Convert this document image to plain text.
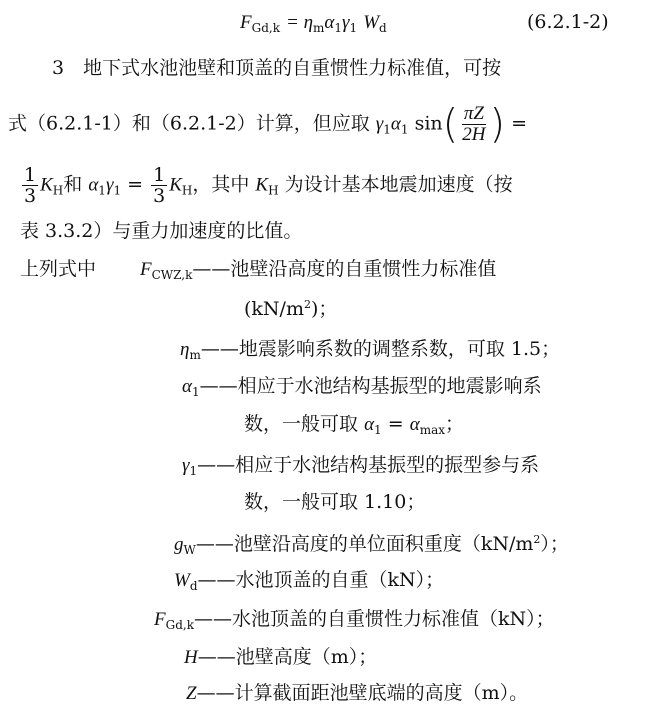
$F_{Gd,k} = \eta_m\alpha_1\gamma_1$ $W_d$	(6.2.1-2)
3　地下式水池池壁和顶盖的自重惯性力标准值，可按
式（6.2.1-1）和（6.2.1-2）计算，但应取 $\gamma_1\alpha_1$ $\sin( \frac{\pi Z}{2H}$ ) =
$\frac{1}{3} K_H$和 $\alpha_1\gamma_1 = \frac{1}{3} K_H$，其中 $K_H$ 为设计基本地震加速度（按
表 3.3.2）与重力加速度的比值。
上列式中 $F_{CWZ,k}——$池壁沿高度的自重惯性力标准值
$(kN/m^2)$；
$\eta_m——$地震影响系数的调整系数，可取 1.5；
$\alpha_1——$相应于水池结构基振型的地震影响系
数，一般可取 $\alpha_1 = \alpha_{max}$；
$\gamma_1——$相应于水池结构基振型的振型参与系
数，一般可取 1.10；
$g_W——$池壁沿高度的单位面积重度$(kN/m^2)$；
$W_d——$水池顶盖的自重（kN）；
$F_{Gd,k}——$水池顶盖的自重惯性力标准值（kN）；
H——池壁高度（m）；
Z——计算截面距池壁底端的高度（m）。
